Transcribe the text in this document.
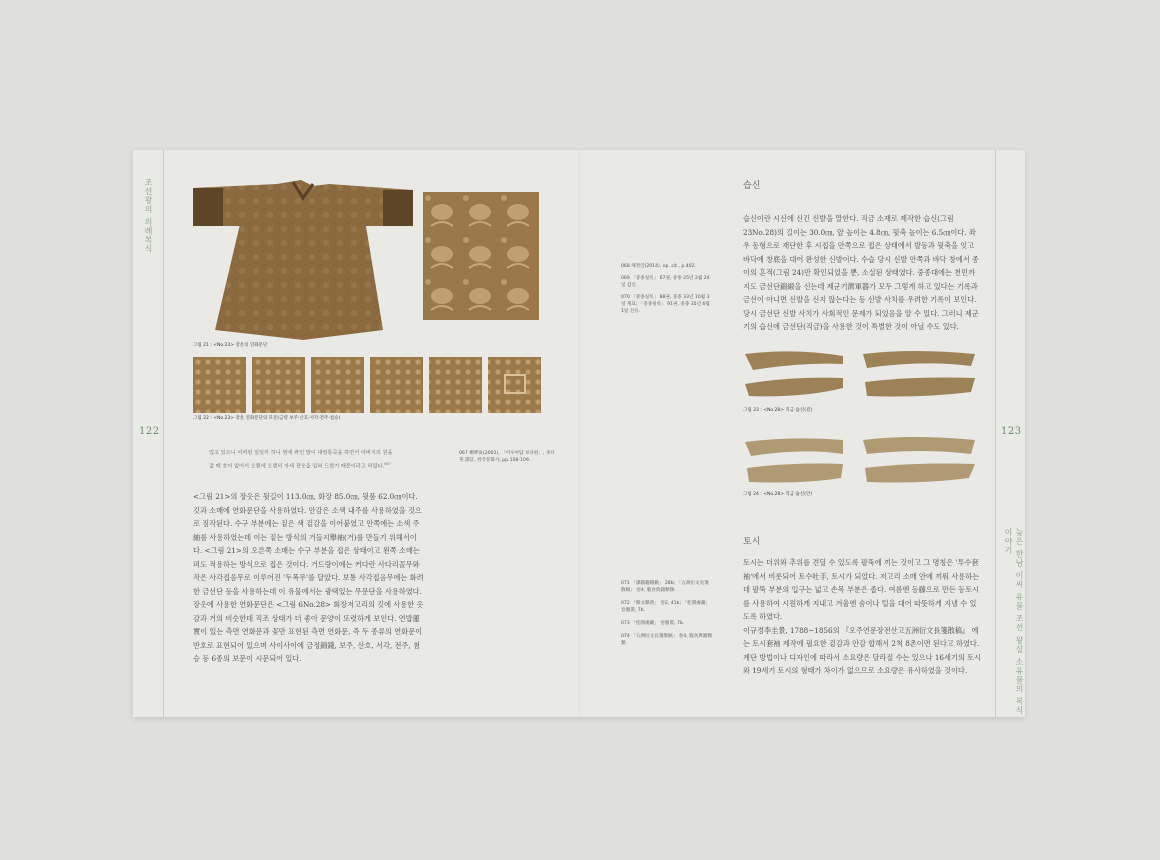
조선왕의 의례복식
122
그림 21 : <No.23> 장옷의 연화문단
그림 22 : <No.23> 장옷 연화문단의 모문(금령 보주·산호·서각·전주·첨승)
입고 있으니 어찌된 일일까 하니 병에 싸인 말이 대령통곡을 하면서 아버지의 원을 잘 때 호이 없어서 오랜에 오랜의 자세 장옷을 입혀 드렸기 때문이라고 하였다.$^{067}$
067 柳夢寅(2001), 「어우야담 보유편」, 李月英 譯註, 한국문화사, pp.108-109.

<그림 21>의 장옷은 뒷길이 113.0㎝, 화장 85.0㎝, 뒷품 62.0㎝이다. 깃과 소매에 연화문단을 사용하였다. 안감은 소색 내주를 사용하였을 것으로 짐작된다. 수구 부분에는 짙은 색 겉감을 이어붙였고 안쪽에는 소색 주紬를 사용하였는데 이는 짙는 방식의 거들지擧袖(거)를 만들기 위해서이다. <그림 21>의 오른쪽 소매는 수구 부분을 접은 상태이고 왼쪽 소매는 펴도 적용하는 방식으로 접은 것이다. 거드랑이에는 커다란 사다리꼴무와 작은 사각접음무로 이루어진 '두폭무'를 달았다. 보통 사각접음무에는 화려한 금선단 등을 사용하는데 이 유물에서는 광택있는 무문단을 사용하였다.

장옷에 사용한 연화문단은 <그림 6No.28> 회장저고리의 깃에 사용한 옷감과 거의 비슷한데 직조 상태가 더 좋아 문양이 또렷하게 보인다. 연밥蓮實이 있는 측면 연화문과 꽃만 표현된 측면 연화문, 즉 두 종류의 연화문이 반호로 표현되어 있으며 사이사이에 금정錦錢, 보주, 산호, 서각, 전주, 첨승 등 6종의 보문이 시문되어 있다.

123
늦은 한남 이씨 유물 조선 왕실 소유물의 복식 이야기
068 채정인(2014), op. cit., p.402.
069 「중종실록」 67권, 중종 25년 2월 24일 갑신.
070 「중종실록」 88권, 중종 33년 10월 3일 계묘; 「중종실록」 91권, 중종 35년 6월 1일 신유.
습신
습신이란 시신에 신긴 신발을 말한다. 직금 소재로 제작한 습신(그림 23No.28)의 길이는 30.0㎝, 앞 높이는 4.8㎝, 뒷축 높이는 6.5㎝이다. 좌우 동형으로 재단한 후 시접을 안쪽으로 접은 상태에서 발등과 뒷축을 잇고 바닥에 창底을 대어 완성한 신발이다. 수습 당시 신발 안쪽과 바닥 창에서 종이의 흔적(그림 24)만 확인되었을 뿐, 소실된 상태였다. 중종대에는 천민까지도 금선단錦緞을 신는데 제군기濟軍器가 모두 그렇게 하고 있다는 기록과 금선이 아니면 신발을 신지 않는다는 등 신발 사치를 우려한 기록이 보인다. 당시 금선단 신발 사치가 사회적인 문제가 되었음을 알 수 있다. 그러니 제군기의 습신에 금선단(직금)을 사용한 것이 특별한 것이 아닐 수도 있다.
그림 23 : <No.28> 직금 습신(겉)
그림 24 : <No.28> 직금 습신(안)
토시

토시는 더위와 추위를 견딜 수 있도록 팔뚝에 끼는 것이고 그 명칭은 '투수套袖'에서 비롯되어 토수吐手, 토시가 되었다. 저고리 소매 안에 끼워 사용하는데 팔뚝 부분의 입구는 넓고 손목 부분은 좁다. 여름엔 등藤으로 만든 등토시를 사용하여 시원하게 지내고 겨울엔 솜이나 털을 대어 따뜻하게 지낼 수 있도록 하였다.

이규경李圭景, 1788~1856의 『오주연문장전산고五洲衍文長箋散稿』 에는 토시套袖 제작에 필요한 겉감과 안감 합해서 2척 8촌이면 된다고 하였다. 계단 방법이나 디자인에 따라서 소요량은 달라질 수는 있으나 16세기의 토시와 19세기 토시의 형태가 차이가 없으므로 소요량은 유사하였을 것이다.

071 「課籍籍籍籍」 28b; 「五洲衍文長箋散稿」 卷4, 服食典籍類類.
072 「韓文曝典」 卷2, 41b; 「松閒處藏」 卷服裝, 7b.
073 「松閒處藏」 卷服裝, 7b.
074 「五洲衍文長箋散稿」 卷4, 服食典籍類類.
